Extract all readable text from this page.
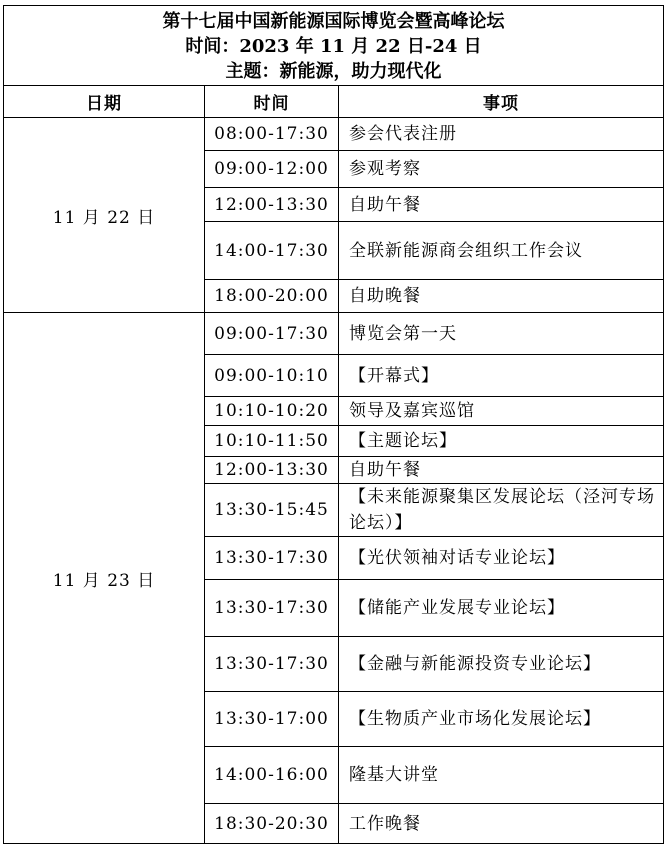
第十七届中国新能源国际博览会暨高峰论坛
时间：2023 年 11 月 22 日-24 日
主题：新能源，助力现代化		

日期	时间	事项
11 月 22 日	08:00-17:30	参会代表注册
	09:00-12:00	参观考察
	12:00-13:30	自助午餐
	14:00-17:30	全联新能源商会组织工作会议
	18:00-20:00	自助晚餐
11 月 23 日	09:00-17:30	博览会第一天
	09:00-10:10	【开幕式】
	10:10-10:20	领导及嘉宾巡馆
	10:10-11:50	【主题论坛】
	12:00-13:30	自助午餐
	13:30-15:45	【未来能源聚集区发展论坛（泾河专场论坛）】
	13:30-17:30	【光伏领袖对话专业论坛】
	13:30-17:30	【储能产业发展专业论坛】
	13:30-17:30	【金融与新能源投资专业论坛】
	13:30-17:00	【生物质产业市场化发展论坛】
	14:00-16:00	隆基大讲堂
	18:30-20:30	工作晚餐
